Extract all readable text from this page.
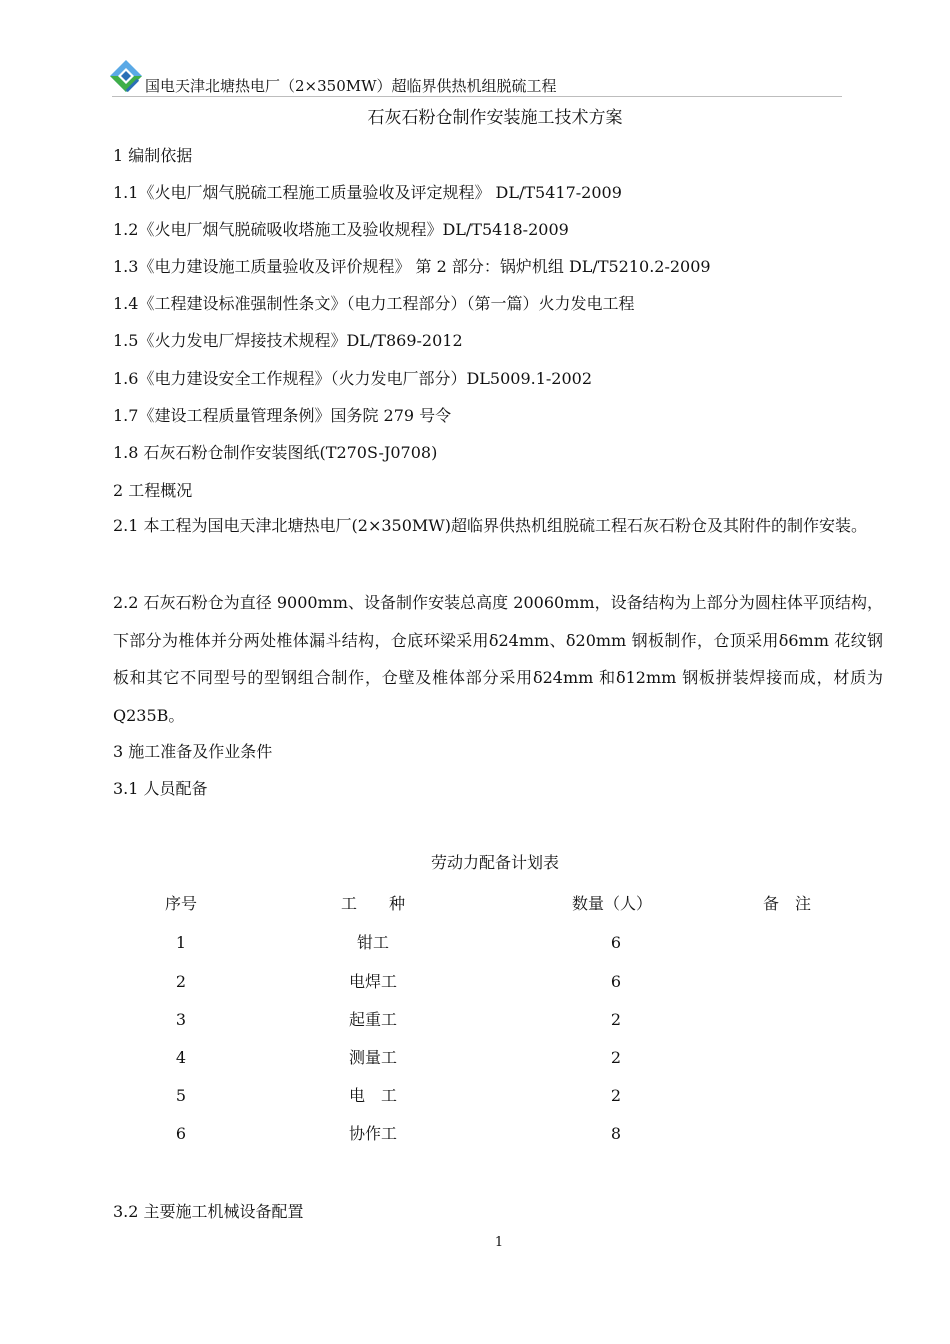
国电天津北塘热电厂（2×350MW）超临界供热机组脱硫工程
石灰石粉仓制作安装施工技术方案
1 编制依据
1.1《火电厂烟气脱硫工程施工质量验收及评定规程》 DL/T5417-2009
1.2《火电厂烟气脱硫吸收塔施工及验收规程》DL/T5418-2009
1.3《电力建设施工质量验收及评价规程》 第 2 部分：锅炉机组 DL/T5210.2-2009
1.4《工程建设标准强制性条文》（电力工程部分）（第一篇）火力发电工程
1.5《火力发电厂焊接技术规程》DL/T869-2012
1.6《电力建设安全工作规程》（火力发电厂部分）DL5009.1-2002
1.7《建设工程质量管理条例》国务院 279 号令
1.8 石灰石粉仓制作安装图纸(T270S-J0708)
2 工程概况
2.1 本工程为国电天津北塘热电厂(2×350MW)超临界供热机组脱硫工程石灰石粉仓及其附件的制作安装。
2.2 石灰石粉仓为直径 9000mm、设备制作安装总高度 20060mm，设备结构为上部分为圆柱体平顶结构，下部分为椎体并分两处椎体漏斗结构，仓底环梁采用δ24mm、δ20mm 钢板制作，仓顶采用δ6mm 花纹钢板和其它不同型号的型钢组合制作，仓壁及椎体部分采用δ24mm 和δ12mm 钢板拼装焊接而成，材质为 Q235B。
3 施工准备及作业条件
3.1 人员配备
劳动力配备计划表
序号	工　　种	数量（人）	备　注
1	钳工	6
2	电焊工	6
3	起重工	2
4	测量工	2
5	电　工	2
6	协作工	8
3.2 主要施工机械设备配置
1
